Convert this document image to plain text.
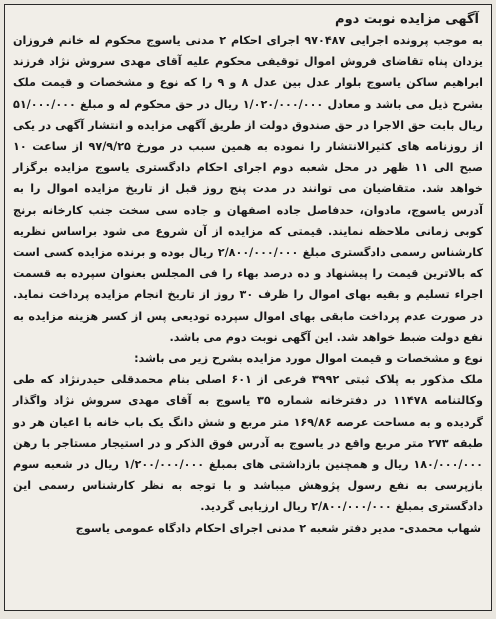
آگهی مزایده نوبت دوم

به موجب پرونده اجرایی ۹۷۰۴۸۷ اجرای احکام ۲ مدنی یاسوج محکوم له خانم فروزان یزدان پناه تقاضای فروش اموال توقیفی محکوم علیه آقای مهدی سروش نژاد فرزند ابراهیم ساکن یاسوج بلوار عدل بین عدل ۸ و ۹ را که نوع و مشخصات و قیمت ملک بشرح ذیل می باشد و معادل ۱/۰۲۰/۰۰۰/۰۰۰ ریال در حق محکوم له و مبلغ ۵۱/۰۰۰/۰۰۰ ریال بابت حق الاجرا در حق صندوق دولت از طریق آگهی مزایده و انتشار آگهی در یکی از روزنامه های کثیرالانتشار را نموده به همین سبب در مورخ ۹۷/۹/۲۵ از ساعت ۱۰ صبح الی ۱۱ ظهر در محل شعبه دوم اجرای احکام دادگستری یاسوج مزایده برگزار خواهد شد. متقاضیان می توانند در مدت پنج روز قبل از تاریخ مزایده اموال را به آدرس یاسوج، مادوان، حدفاصل جاده اصفهان و جاده سی سخت جنب کارخانه برنج کوبی زمانی ملاحظه نمایند. قیمتی که مزایده از آن شروع می شود براساس نظریه کارشناس رسمی دادگستری مبلغ ۲/۸۰۰/۰۰۰/۰۰۰ ریال بوده و برنده مزایده کسی است که بالاترین قیمت را پیشنهاد و ده درصد بهاء را فی المجلس بعنوان سپرده به قسمت اجراء تسلیم و بقیه بهای اموال را ظرف ۳۰ روز از تاریخ انجام مزایده پرداخت نماید. در صورت عدم پرداخت مابقی بهای اموال سپرده تودیعی پس از کسر هزینه مزایده به نفع دولت ضبط خواهد شد. این آگهی نوبت دوم می باشد.

نوع و مشخصات و قیمت اموال مورد مزایده بشرح زیر می باشد:

ملک مذکور به پلاک ثبتی ۳۹۹۲ فرعی از ۶۰۱ اصلی بنام محمدقلی حیدرنژاد که طی وکالتنامه ۱۱۴۷۸ در دفترخانه شماره ۳۵ یاسوج به آقای مهدی سروش نژاد واگذار گردیده و به مساحت عرصه ۱۶۹/۸۶ متر مربع و شش دانگ یک باب خانه با اعیان هر دو طبقه ۲۷۳ متر مربع واقع در یاسوج به آدرس فوق الذکر و در استیجار مستاجر با رهن ۱۸۰/۰۰۰/۰۰۰ ریال و همچنین بازداشتی های بمبلغ ۱/۲۰۰/۰۰۰/۰۰۰ ریال در شعبه سوم بازپرسی به نفع رسول پژوهش میباشد و با توجه به نظر کارشناس رسمی این دادگستری بمبلغ ۲/۸۰۰/۰۰۰/۰۰۰ ریال ارزیابی گردید.

شهاب محمدی- مدیر دفتر شعبه ۲ مدنی اجرای احکام دادگاه عمومی یاسوج
